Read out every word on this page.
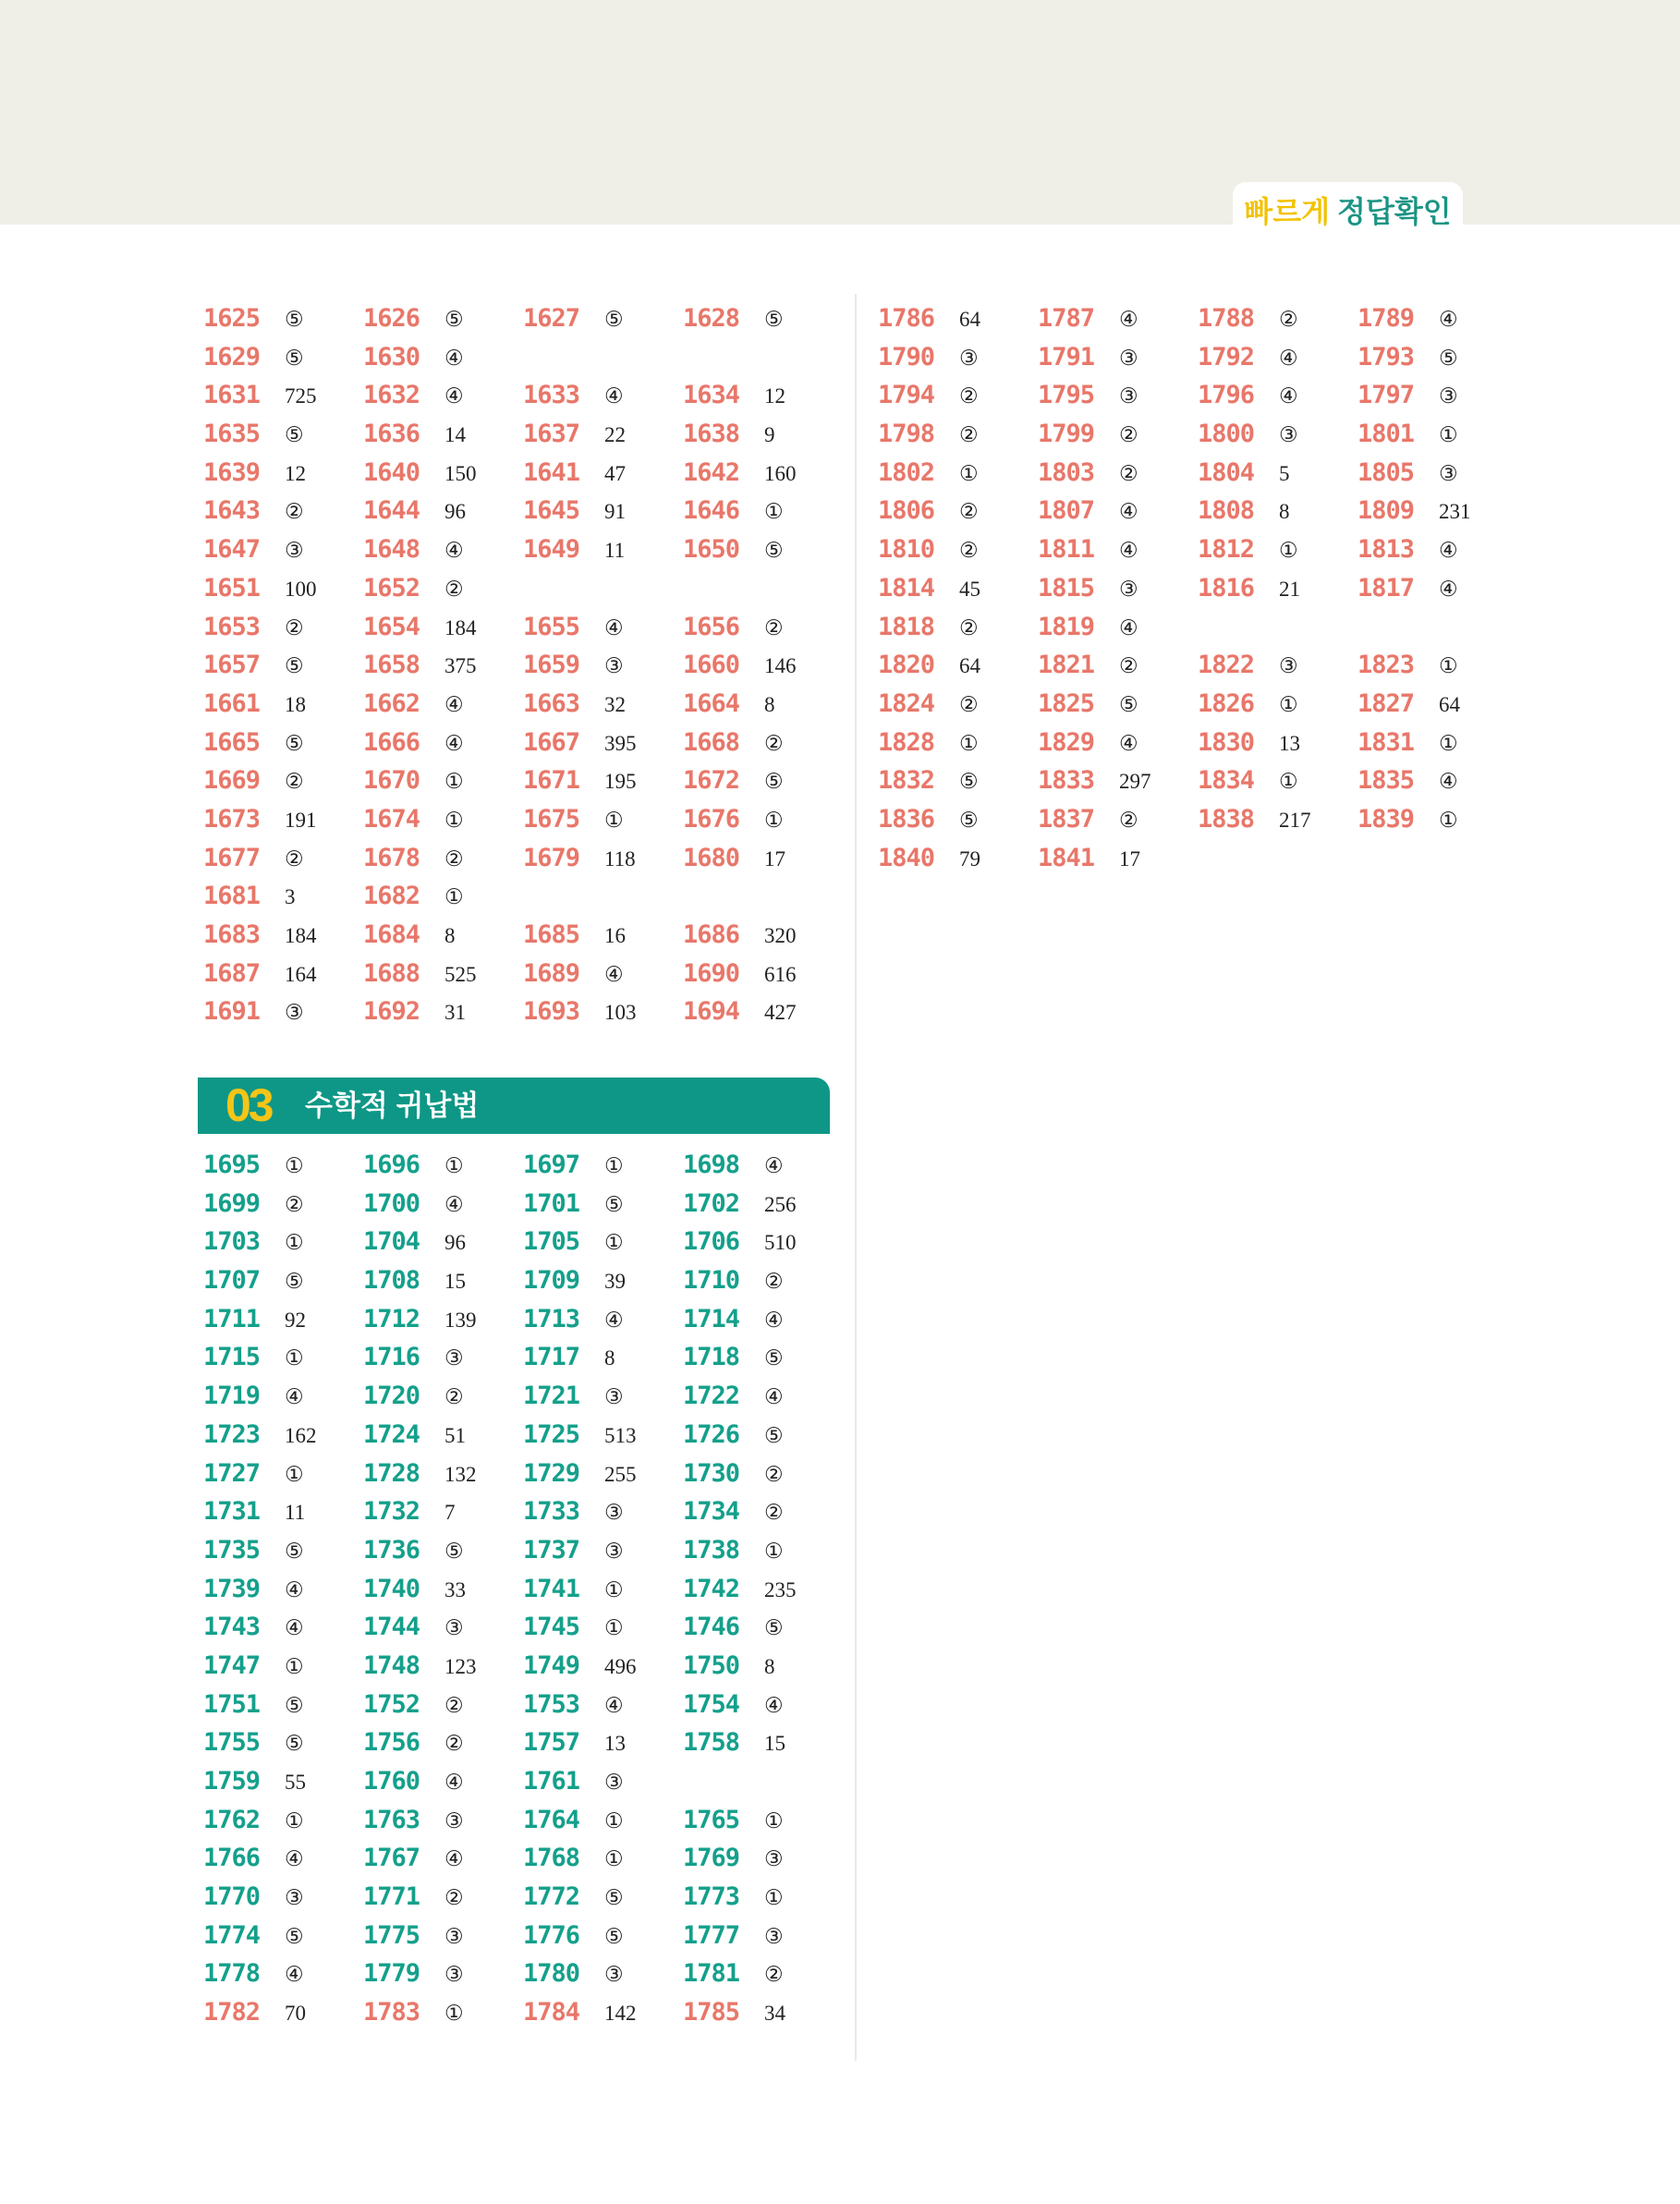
빠르게 정답확인
1625 ⑤ 1626 ⑤ 1627 ⑤ 1628 ⑤
1629 ⑤ 1630 ④
1631 725 1632 ④ 1633 ④ 1634 12
1635 ⑤ 1636 14 1637 22 1638 9
1639 12 1640 150 1641 47 1642 160
1643 ② 1644 96 1645 91 1646 ①
1647 ③ 1648 ④ 1649 11 1650 ⑤
1651 100 1652 ②
1653 ② 1654 184 1655 ④ 1656 ②
1657 ⑤ 1658 375 1659 ③ 1660 146
1661 18 1662 ④ 1663 32 1664 8
1665 ⑤ 1666 ④ 1667 395 1668 ②
1669 ② 1670 ① 1671 195 1672 ⑤
1673 191 1674 ① 1675 ① 1676 ①
1677 ② 1678 ② 1679 118 1680 17
1681 3	1682 ①
1683 184 1684 8	1685 16 1686 320
1687 164 1688 525 1689 ④ 1690 616
1691 ③ 1692 31 1693 103 1694 427
03 수학적 귀납법
1695 ① 1696 ① 1697 ① 1698 ④
1699 ② 1700 ④ 1701 ⑤ 1702 256
1703 ① 1704 96 1705 ① 1706 510
1707 ⑤ 1708 15 1709 39 1710 ②
1711 92 1712 139 1713 ④ 1714 ④
1715 ① 1716 ③ 1717 8	1718 ⑤
1719 ④ 1720 ② 1721 ③ 1722 ④
1723 162 1724 51 1725 513 1726 ⑤
1727 ① 1728 132 1729 255 1730 ②
1731 11 1732 7	1733 ③ 1734 ②
1735 ⑤ 1736 ⑤ 1737 ③ 1738 ①
1739 ④ 1740 33 1741 ① 1742 235
1743 ④ 1744 ③ 1745 ① 1746 ⑤
1747 ① 1748 123 1749 496 1750 8
1751 ⑤ 1752 ② 1753 ④ 1754 ④
1755 ⑤ 1756 ② 1757 13 1758 15
1759 55 1760 ④ 1761 ③
1762 ① 1763 ③ 1764 ① 1765 ①
1766 ④ 1767 ④ 1768 ① 1769 ③
1770 ③ 1771 ② 1772 ⑤ 1773 ①
1774 ⑤ 1775 ③ 1776 ⑤ 1777 ③
1778 ④ 1779 ③ 1780 ③ 1781 ②
1782 70 1783 ① 1784 142 1785 34
1786 64 1787 ④ 1788 ② 1789 ④
1790 ③ 1791 ③ 1792 ④ 1793 ⑤
1794 ② 1795 ③ 1796 ④ 1797 ③
1798 ② 1799 ② 1800 ③ 1801 ①
1802 ① 1803 ② 1804 5	1805 ③
1806 ② 1807 ④ 1808 8	1809 231
1810 ② 1811 ④ 1812 ① 1813 ④
1814 45 1815 ③ 1816 21 1817 ④
1818 ② 1819 ④
1820 64 1821 ② 1822 ③ 1823 ①
1824 ② 1825 ⑤ 1826 ① 1827 64
1828 ① 1829 ④ 1830 13 1831 ①
1832 ⑤ 1833 297 1834 ① 1835 ④
1836 ⑤ 1837 ② 1838 217 1839 ①
1840 79 1841 17
